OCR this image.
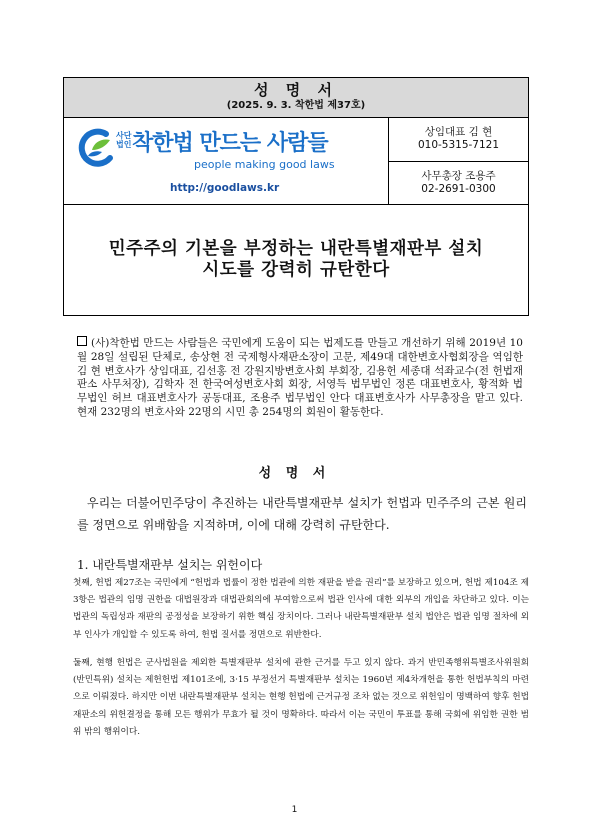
성 명 서
(2025. 9. 3. 착한법 제37호)
사단
법인 착한법 만드는 사람들
people making good laws
http://goodlaws.kr
상임대표 김 현
010-5315-7121
사무총장 조용주
02-2691-0300
민주주의 기본을 부정하는 내란특별재판부 설치
시도를 강력히 규탄한다

(사)착한법 만드는 사람들은 국민에게 도움이 되는 법제도를 만들고 개선하기 위해 2019년 10월 28일 설립된 단체로, 송상현 전 국제형사재판소장이 고문, 제49대 대한변호사협회장을 역임한 김 현 변호사가 상임대표, 김선홍 전 강원지방변호사회 부회장, 김용헌 세종대 석좌교수(전 헌법재판소 사무처장), 김학자 전 한국여성변호사회 회장, 서영득 법무법인 정론 대표변호사, 황적화 법무법인 허브 대표변호사가 공동대표, 조용주 법무법인 안다 대표변호사가 사무총장을 맡고 있다. 현재 232명의 변호사와 22명의 시민 총 254명의 회원이 활동한다.

성 명 서

우리는 더불어민주당이 추진하는 내란특별재판부 설치가 헌법과 민주주의 근본 원리를 정면으로 위배함을 지적하며, 이에 대해 강력히 규탄한다.

1. 내란특별재판부 설치는 위헌이다

첫째, 헌법 제27조는 국민에게 “헌법과 법률이 정한 법관에 의한 재판을 받을 권리”를 보장하고 있으며, 헌법 제104조 제3항은 법관의 임명 권한을 대법원장과 대법관회의에 부여함으로써 법관 인사에 대한 외부의 개입을 차단하고 있다. 이는 법관의 독립성과 재판의 공정성을 보장하기 위한 핵심 장치이다. 그러나 내란특별재판부 설치 법안은 법관 임명 절차에 외부 인사가 개입할 수 있도록 하여, 헌법 질서를 정면으로 위반한다.

둘째, 현행 헌법은 군사법원을 제외한 특별재판부 설치에 관한 근거를 두고 있지 않다. 과거 반민족행위특별조사위원회(반민특위) 설치는 제헌헌법 제101조에, 3·15 부정선거 특별재판부 설치는 1960년 제4차개헌을 통한 헌법부칙의 마련으로 이뤄졌다. 하지만 이번 내란특별재판부 설치는 현행 헌법에 근거규정 조차 없는 것으로 위헌임이 명백하여 향후 헌법재판소의 위헌결정을 통해 모든 행위가 무효가 될 것이 명확하다. 따라서 이는 국민이 투표를 통해 국회에 위임한 권한 범위 밖의 행위이다.

1
